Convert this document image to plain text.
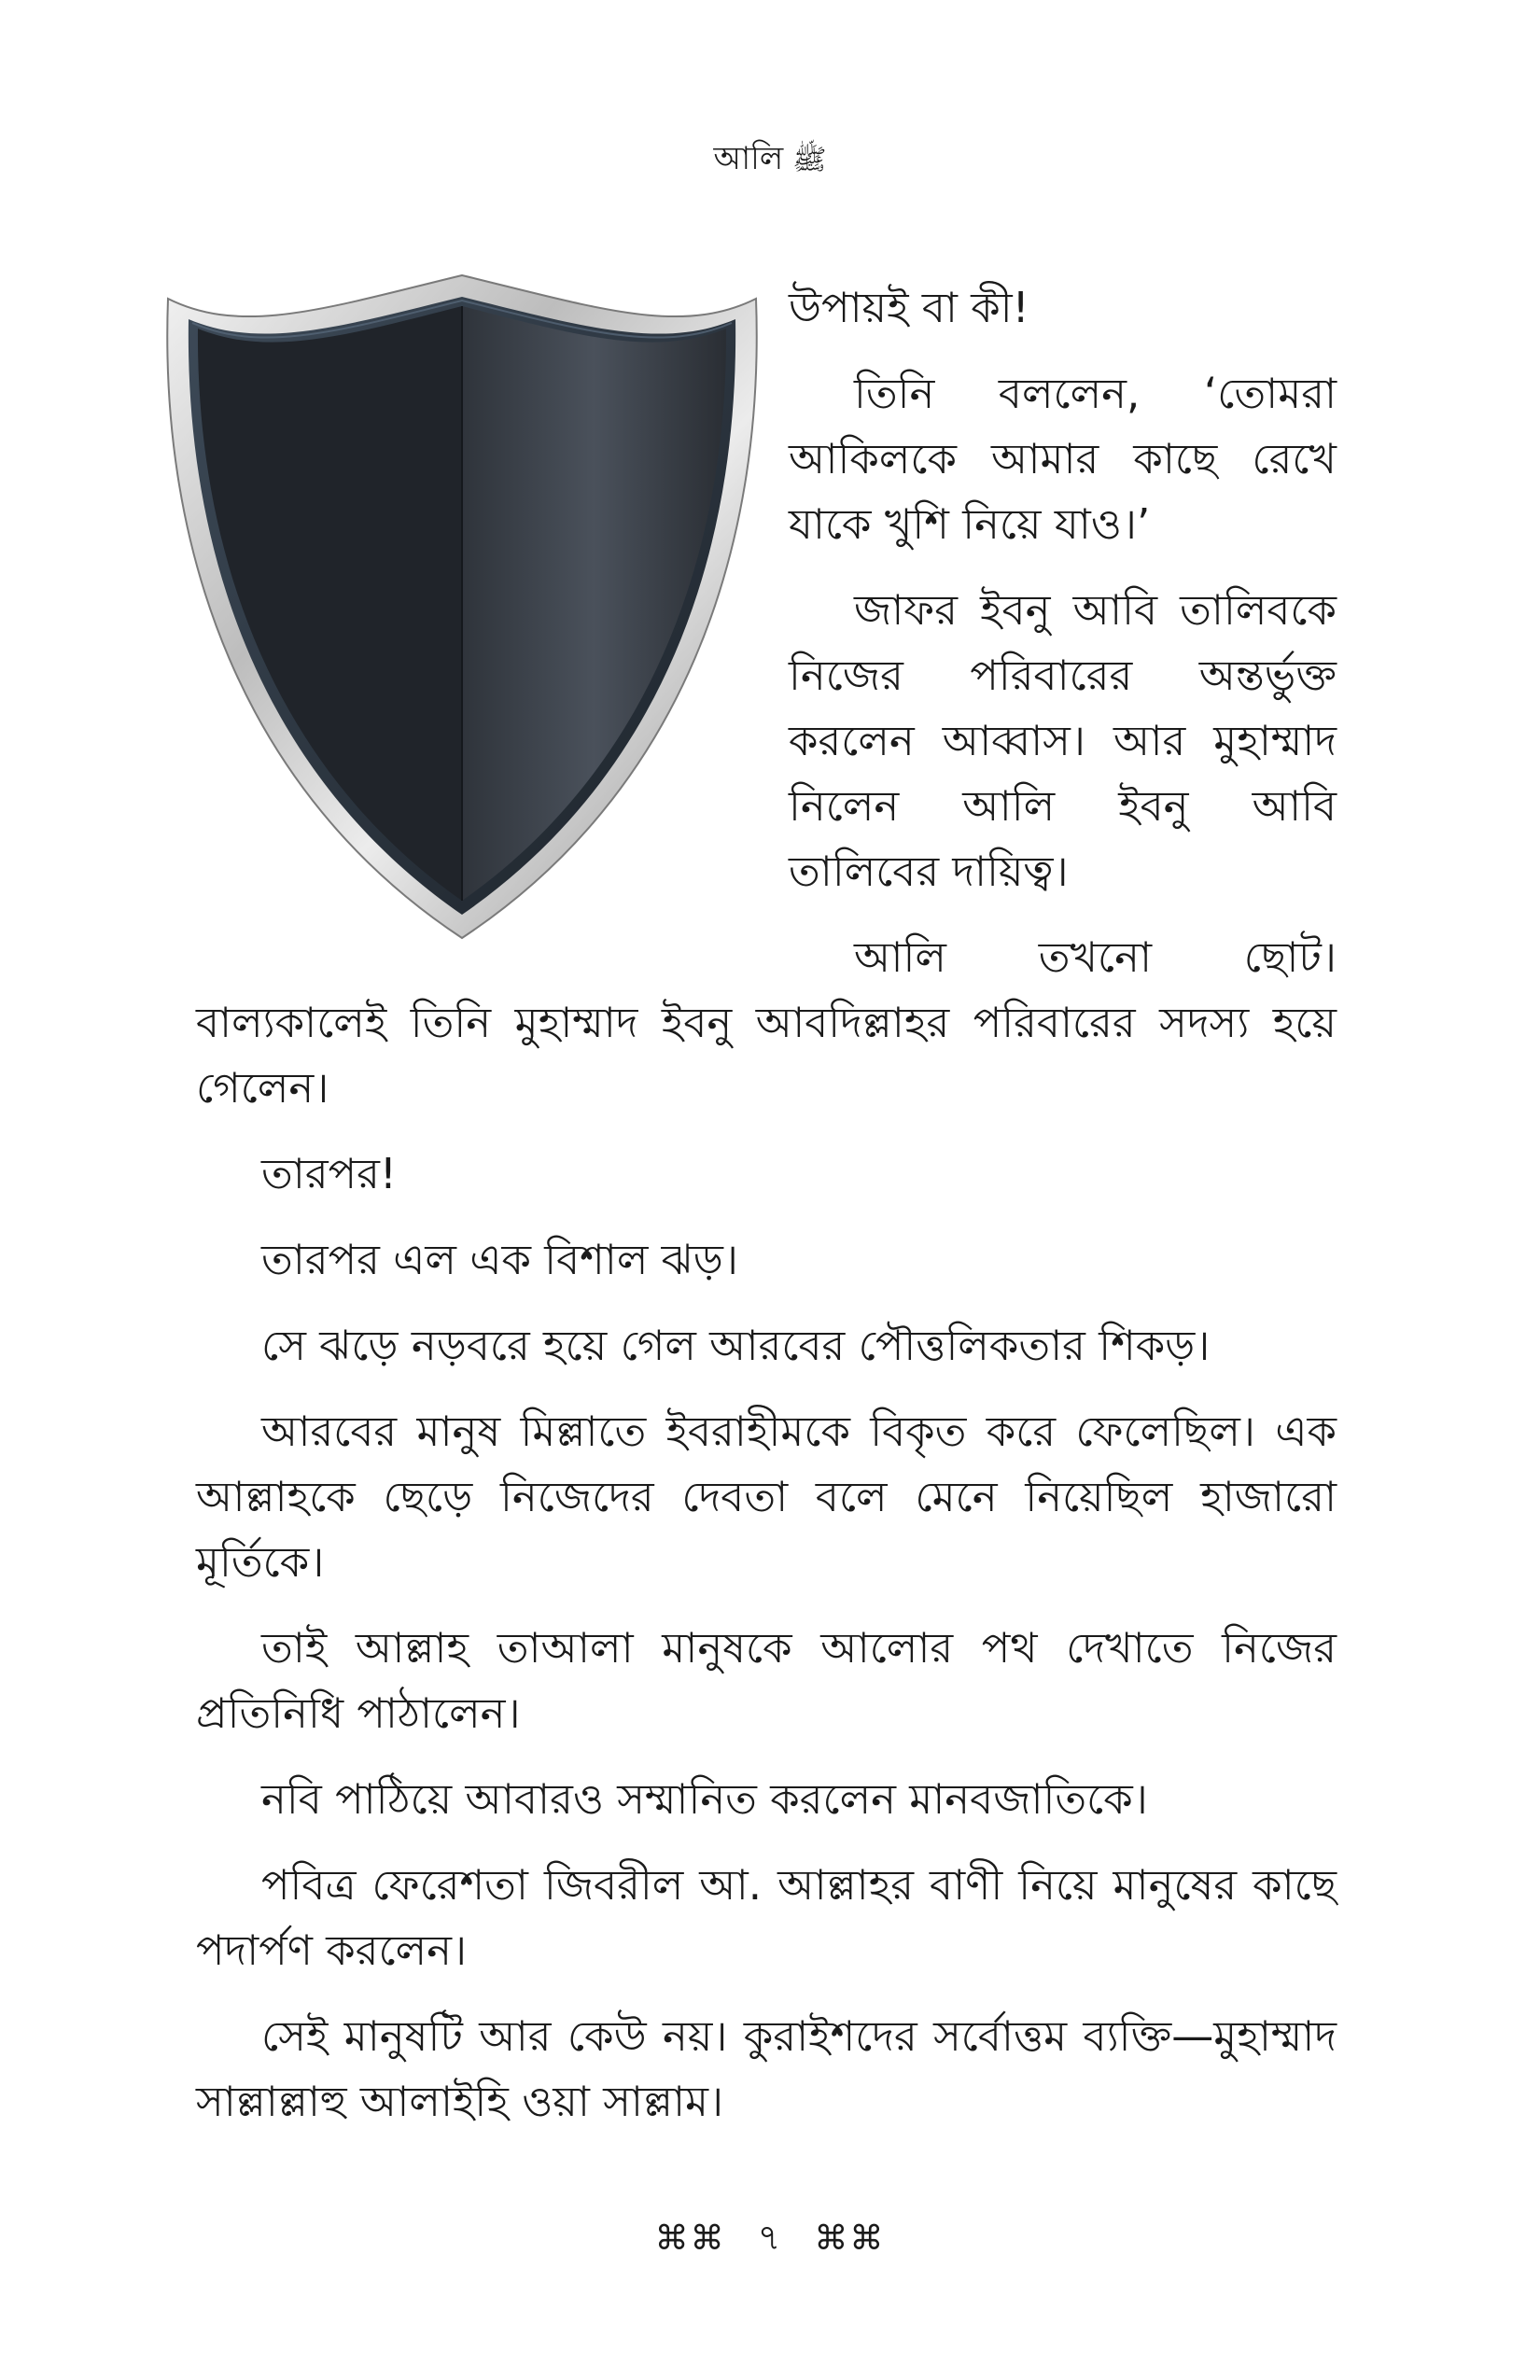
আলি ﷺ

উপায়ই বা কী!

তিনি বললেন, ‘তোমরা আকিলকে আমার কাছে রেখে যাকে খুশি নিয়ে যাও।’

জাফর ইবনু আবি তালিবকে নিজের পরিবারের অন্তর্ভুক্ত করলেন আব্বাস। আর মুহাম্মাদ নিলেন আলি ইবনু আবি তালিবের দায়িত্ব।

আলি তখনো ছোট। বাল্যকালেই তিনি মুহাম্মাদ ইবনু আবদিল্লাহর পরিবারের সদস্য হয়ে গেলেন।

তারপর!

তারপর এল এক বিশাল ঝড়।

সে ঝড়ে নড়বরে হয়ে গেল আরবের পৌত্তলিকতার শিকড়।

আরবের মানুষ মিল্লাতে ইবরাহীমকে বিকৃত করে ফেলেছিল। এক আল্লাহকে ছেড়ে নিজেদের দেবতা বলে মেনে নিয়েছিল হাজারো মূর্তিকে।

তাই আল্লাহ তাআলা মানুষকে আলোর পথ দেখাতে নিজের প্রতিনিধি পাঠালেন।

নবি পাঠিয়ে আবারও সম্মানিত করলেন মানবজাতিকে।

পবিত্র ফেরেশতা জিবরীল আ. আল্লাহর বাণী নিয়ে মানুষের কাছে পদার্পণ করলেন।

সেই মানুষটি আর কেউ নয়। কুরাইশদের সর্বোত্তম ব্যক্তি—মুহাম্মাদ সাল্লাল্লাহু আলাইহি ওয়া সাল্লাম।

⌘⌘ ৭ ⌘⌘
